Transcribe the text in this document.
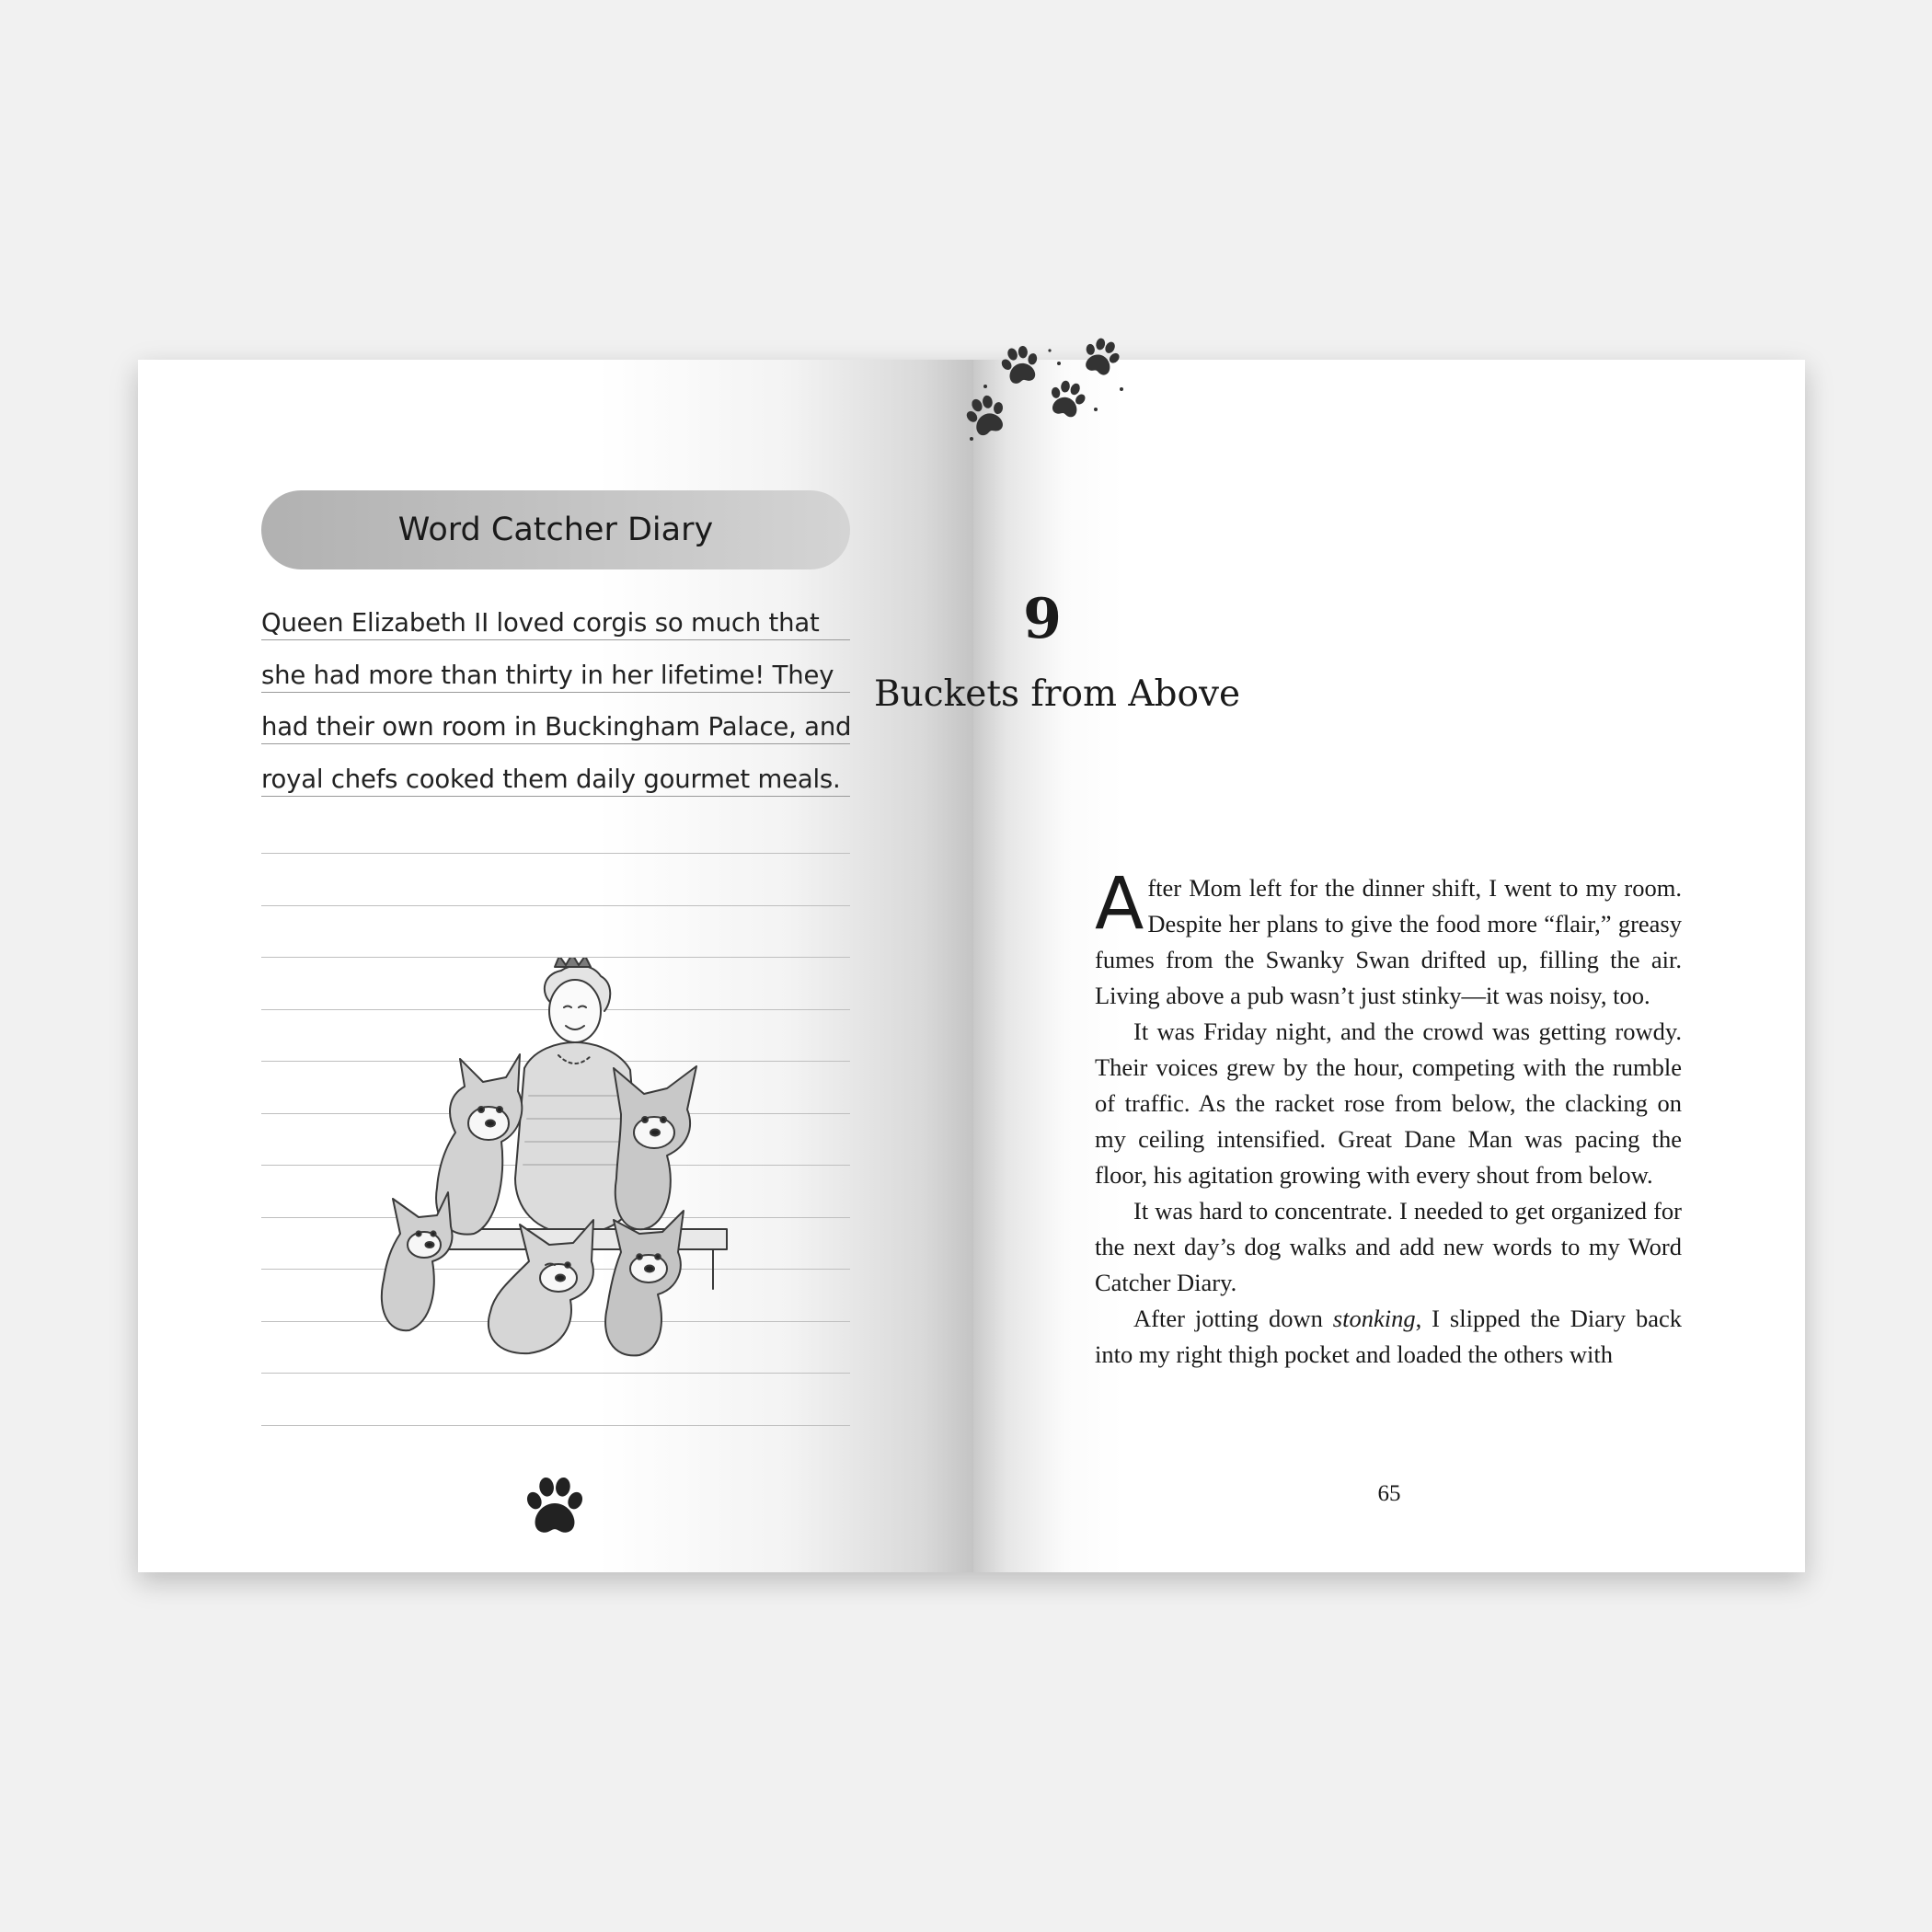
Word Catcher Diary

Queen Elizabeth II loved corgis so much that

she had more than thirty in her lifetime! They

had their own room in Buckingham Palace, and

royal chefs cooked them daily gourmet meals.

9

Buckets from Above

After Mom left for the dinner shift, I went to my room. Despite her plans to give the food more “flair,” greasy fumes from the Swanky Swan drifted up, filling the air. Living above a pub wasn’t just stinky—it was noisy, too.

It was Friday night, and the crowd was getting rowdy. Their voices grew by the hour, competing with the rumble of traffic. As the racket rose from below, the clacking on my ceiling intensified. Great Dane Man was pacing the floor, his agitation growing with every shout from below.

It was hard to concentrate. I needed to get organized for the next day’s dog walks and add new words to my Word Catcher Diary.

After jotting down stonking, I slipped the Diary back into my right thigh pocket and loaded the others with

65
